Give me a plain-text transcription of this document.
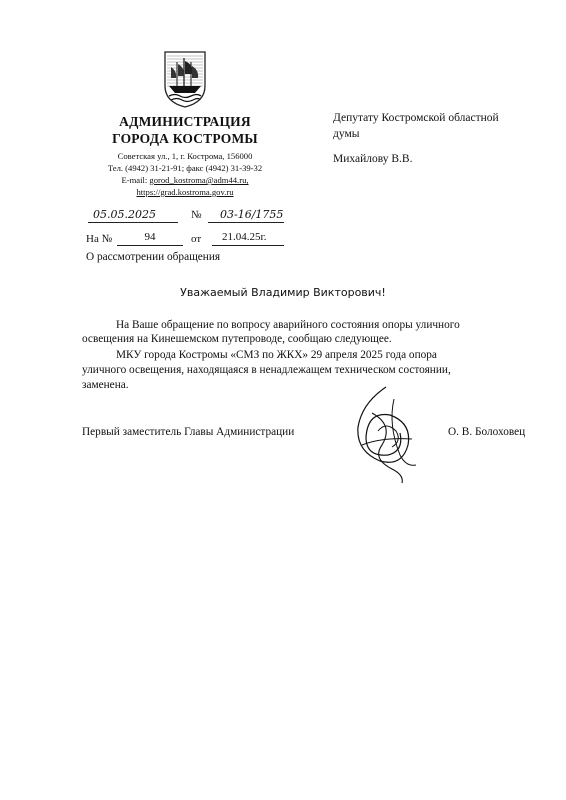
АДМИНИСТРАЦИЯ
ГОРОДА КОСТРОМЫ
Советская ул., 1, г. Кострома, 156000
Тел. (4942) 31-21-91; факс (4942) 31-39-32
E-mail: gorod_kostroma@adm44.ru,
https://grad.kostroma.gov.ru
05.05.2025	№ 03-16/1755
На №	94	от 21.04.25г.
О рассмотрении обращения
Депутату Костромской областной
думы
Михайлову В.В.
Уважаемый Владимир Викторович!
На Ваше обращение по вопросу аварийного состояния опоры уличного
освещения на Кинешемском путепроводе, сообщаю следующее.
МКУ города Костромы «СМЗ по ЖКХ» 29 апреля 2025 года опора
уличного освещения, находящаяся в ненадлежащем техническом состоянии,
заменена.
Первый заместитель Главы Администрации	О. В. Болоховец
